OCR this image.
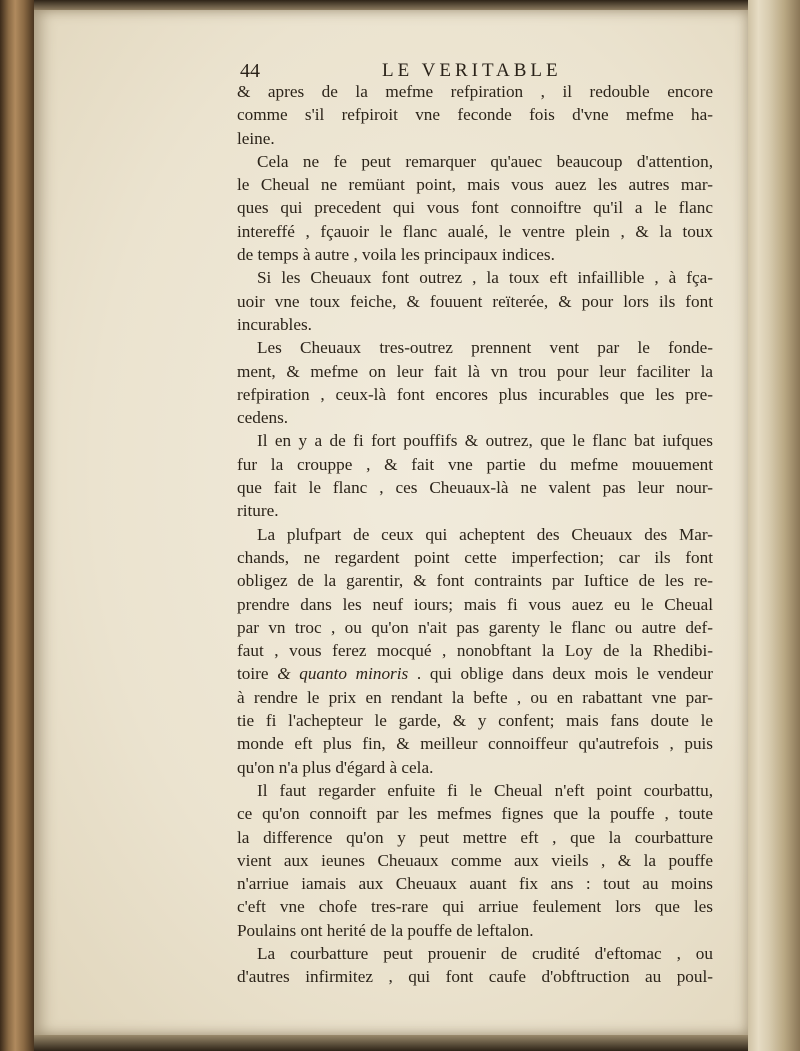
44	LE VERITABLE
& apres de la mefme refpiration , il redouble encore
comme s'il refpiroit vne feconde fois d'vne mefme ha-
leine.
Cela ne fe peut remarquer qu'auec beaucoup d'attention,
le Cheual ne remüant point, mais vous auez les autres mar-
ques qui precedent qui vous font connoiftre qu'il a le flanc
intereffé , fçauoir le flanc aualé, le ventre plein , & la toux
de temps à autre , voila les principaux indices.
Si les Cheuaux font outrez , la toux eft infaillible , à fça-
uoir vne toux feiche, & fouuent reïterée, & pour lors ils font
incurables.
Les Cheuaux tres-outrez prennent vent par le fonde-
ment, & mefme on leur fait là vn trou pour leur faciliter la
refpiration , ceux-là font encores plus incurables que les pre-
cedens.
Il en y a de fi fort pouffifs & outrez, que le flanc bat iufques
fur la crouppe , & fait vne partie du mefme mouuement
que fait le flanc , ces Cheuaux-là ne valent pas leur nour-
riture.
La plufpart de ceux qui acheptent des Cheuaux des Mar-
chands, ne regardent point cette imperfection; car ils font
obligez de la garentir, & font contraints par Iuftice de les re-
prendre dans les neuf iours; mais fi vous auez eu le Cheual
par vn troc , ou qu'on n'ait pas garenty le flanc ou autre def-
faut , vous ferez mocqué , nonobftant la Loy de la Rhedibi-
toire & quanto minoris . qui oblige dans deux mois le vendeur
à rendre le prix en rendant la befte , ou en rabattant vne par-
tie fi l'achepteur le garde, & y confent; mais fans doute le
monde eft plus fin, & meilleur connoiffeur qu'autrefois , puis
qu'on n'a plus d'égard à cela.
Il faut regarder enfuite fi le Cheual n'eft point courbattu,
ce qu'on connoift par les mefmes fignes que la pouffe , toute
la difference qu'on y peut mettre eft , que la courbatture
vient aux ieunes Cheuaux comme aux vieils , & la pouffe
n'arriue iamais aux Cheuaux auant fix ans : tout au moins
c'eft vne chofe tres-rare qui arriue feulement lors que les
Poulains ont herité de la pouffe de leftalon.
La courbatture peut prouenir de crudité d'eftomac , ou
d'autres infirmitez , qui font caufe d'obftruction au poul-
